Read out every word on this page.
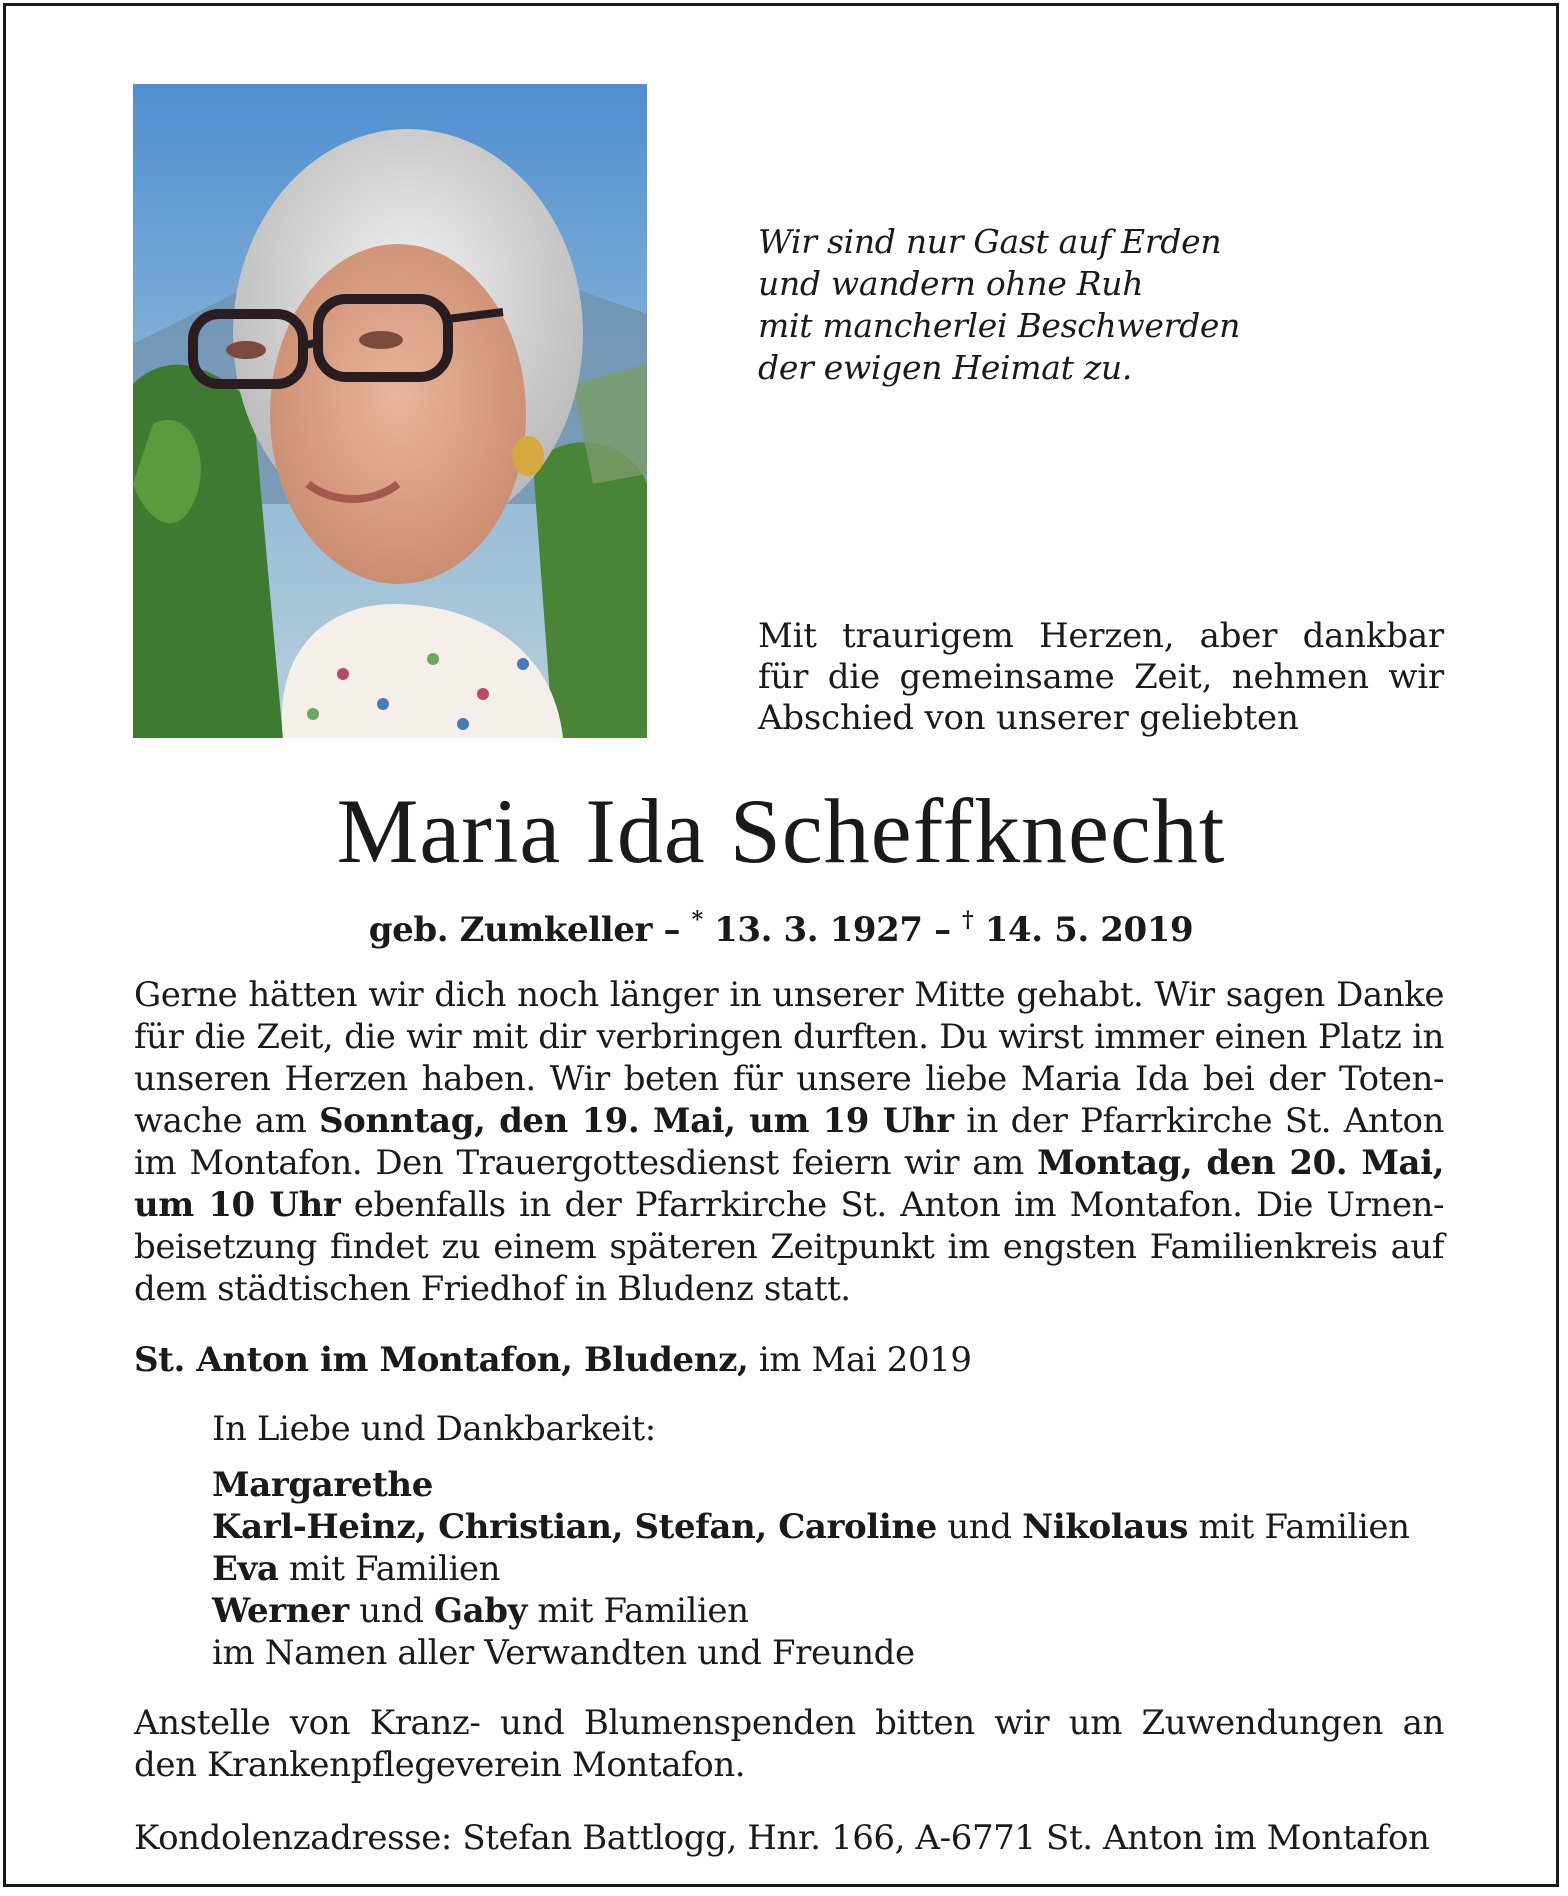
Wir sind nur Gast auf Erden
und wandern ohne Ruh
mit mancherlei Beschwerden
der ewigen Heimat zu.
Mit traurigem Herzen, aber dankbar
für die gemeinsame Zeit, nehmen wir
Abschied von unserer geliebten
Maria Ida Scheffknecht
geb. Zumkeller – * 13. 3. 1927 – † 14. 5. 2019
Gerne hätten wir dich noch länger in unserer Mitte gehabt. Wir sagen Danke
für die Zeit, die wir mit dir verbringen durften. Du wirst immer einen Platz in
unseren Herzen haben. Wir beten für unsere liebe Maria Ida bei der Toten-
wache am Sonntag, den 19. Mai, um 19 Uhr in der Pfarrkirche St. Anton
im Montafon. Den Trauergottesdienst feiern wir am Montag, den 20. Mai,
um 10 Uhr ebenfalls in der Pfarrkirche St. Anton im Montafon. Die Urnen-
beisetzung findet zu einem späteren Zeitpunkt im engsten Familienkreis auf
dem städtischen Friedhof in Bludenz statt.
St. Anton im Montafon, Bludenz, im Mai 2019
In Liebe und Dankbarkeit:
Margarethe
Karl-Heinz, Christian, Stefan, Caroline und Nikolaus mit Familien
Eva mit Familien
Werner und Gaby mit Familien
im Namen aller Verwandten und Freunde
Anstelle von Kranz- und Blumenspenden bitten wir um Zuwendungen an
den Krankenpflegeverein Montafon.
Kondolenzadresse: Stefan Battlogg, Hnr. 166, A-6771 St. Anton im Montafon
